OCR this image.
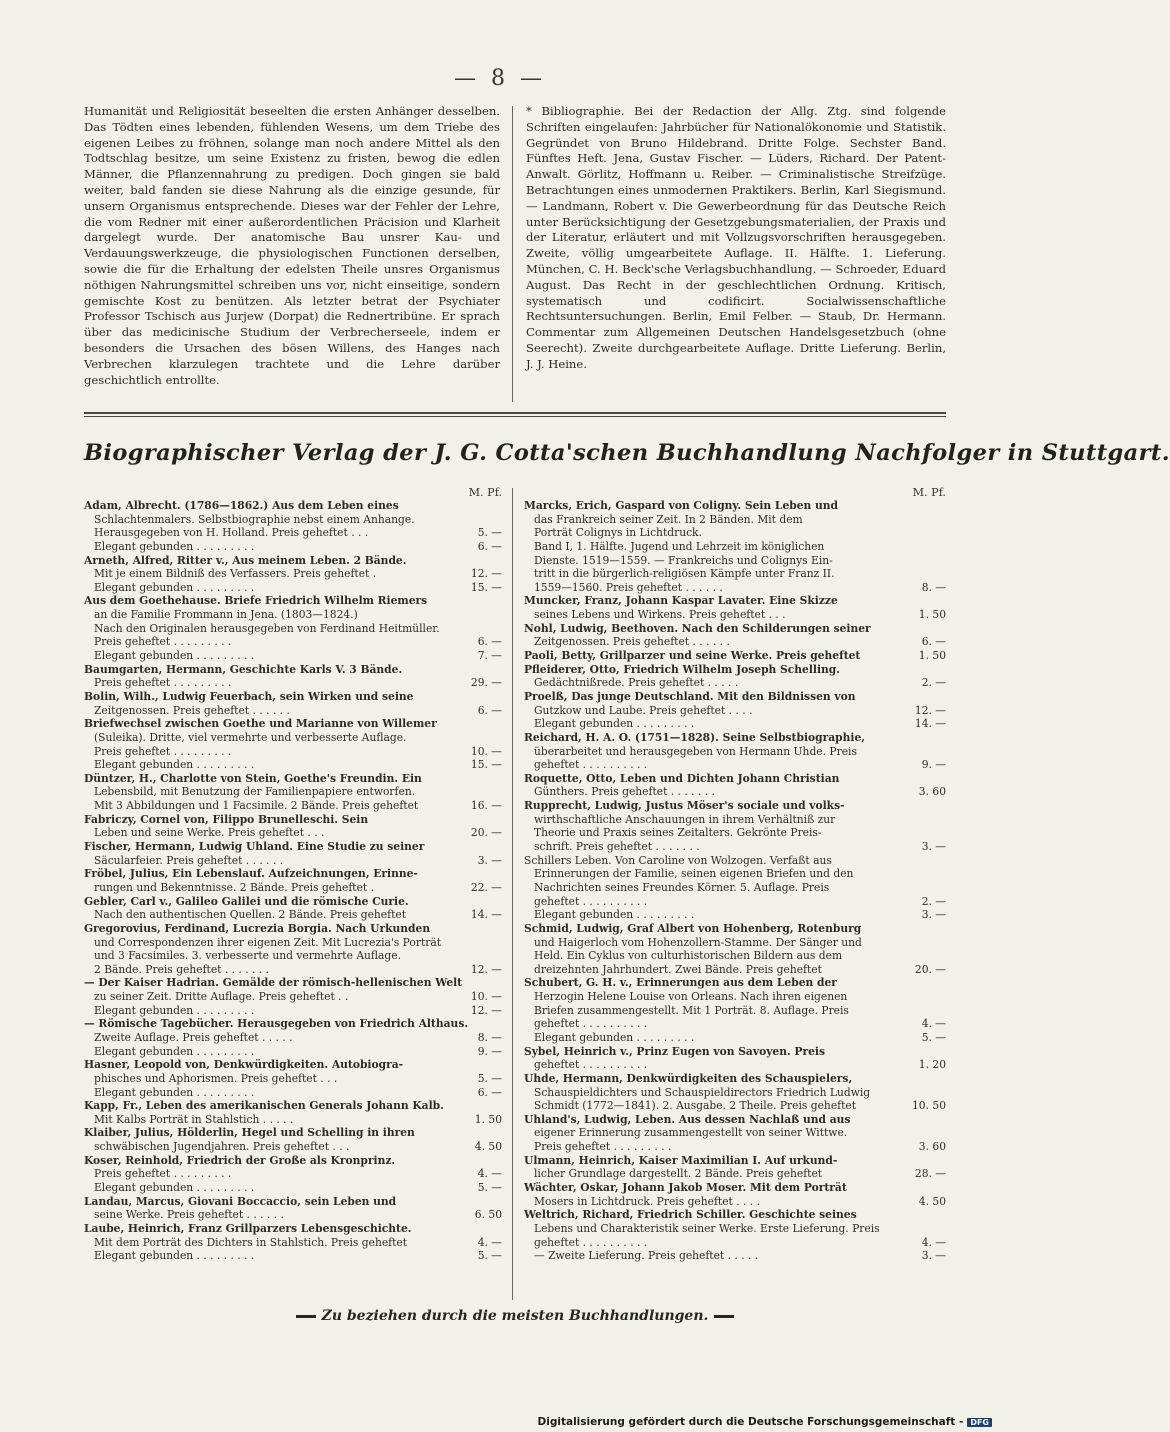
— 8 —
Humanität und Religiosität beseelten die ersten Anhänger desselben. Das Tödten eines lebenden, fühlenden Wesens, um dem Triebe des eigenen Leibes zu fröhnen, solange man noch andere Mittel als den Todtschlag besitze, um seine Existenz zu fristen, bewog die edlen Männer, die Pflanzennahrung zu predigen. Doch gingen sie bald weiter, bald fanden sie diese Nahrung als die einzige gesunde, für unsern Organismus entsprechende. Dieses war der Fehler der Lehre, die vom Redner mit einer außerordentlichen Präcision und Klarheit dargelegt wurde. Der anatomische Bau unsrer Kau- und Verdauungswerkzeuge, die physiologischen Functionen derselben, sowie die für die Erhaltung der edelsten Theile unsres Organismus nöthigen Nahrungsmittel schreiben uns vor, nicht einseitige, sondern gemischte Kost zu benützen. Als letzter betrat der Psychiater Professor Tschisch aus Jurjew (Dorpat) die Rednertribüne. Er sprach über das medicinische Studium der Verbrecherseele, indem er besonders die Ursachen des bösen Willens, des Hanges nach Verbrechen klarzulegen trachtete und die Lehre darüber geschichtlich entrollte.
* Bibliographie. Bei der Redaction der Allg. Ztg. sind folgende Schriften eingelaufen: Jahrbücher für Nationalökonomie und Statistik. Gegründet von Bruno Hildebrand. Dritte Folge. Sechster Band. Fünftes Heft. Jena, Gustav Fischer. — Lüders, Richard. Der Patent-Anwalt. Görlitz, Hoffmann u. Reiber. — Criminalistische Streifzüge. Betrachtungen eines unmodernen Praktikers. Berlin, Karl Siegismund. — Landmann, Robert v. Die Gewerbeordnung für das Deutsche Reich unter Berücksichtigung der Gesetzgebungsmaterialien, der Praxis und der Literatur, erläutert und mit Vollzugsvorschriften herausgegeben. Zweite, völlig umgearbeitete Auflage. II. Hälfte. 1. Lieferung. München, C. H. Beck'sche Verlagsbuchhandlung. — Schroeder, Eduard August. Das Recht in der geschlechtlichen Ordnung. Kritisch, systematisch und codificirt. Socialwissenschaftliche Rechtsuntersuchungen. Berlin, Emil Felber. — Staub, Dr. Hermann. Commentar zum Allgemeinen Deutschen Handelsgesetzbuch (ohne Seerecht). Zweite durchgearbeitete Auflage. Dritte Lieferung. Berlin, J. J. Heine.
Biographischer Verlag der J. G. Cotta'schen Buchhandlung Nachfolger in Stuttgart.
M. Pf.
Adam, Albrecht. (1786—1862.) Aus dem Leben eines
Schlachtenmalers. Selbstbiographie nebst einem Anhange.
Herausgegeben von H. Holland. Preis geheftet . . .	5. —
Elegant gebunden . . . . . . . . .	6. —
Arneth, Alfred, Ritter v., Aus meinem Leben. 2 Bände.
Mit je einem Bildniß des Verfassers. Preis geheftet .	12. —
Elegant gebunden . . . . . . . . .	15. —
Aus dem Goethehause. Briefe Friedrich Wilhelm Riemers
an die Familie Frommann in Jena. (1803—1824.)
Nach den Originalen herausgegeben von Ferdinand Heitmüller.
Preis geheftet . . . . . . . . .	6. —
Elegant gebunden . . . . . . . . .	7. —
Baumgarten, Hermann, Geschichte Karls V. 3 Bände.
Preis geheftet . . . . . . . . .	29. —
Bolin, Wilh., Ludwig Feuerbach, sein Wirken und seine
Zeitgenossen. Preis geheftet . . . . . .	6. —
Briefwechsel zwischen Goethe und Marianne von Willemer
(Suleika). Dritte, viel vermehrte und verbesserte Auflage.
Preis geheftet . . . . . . . . .	10. —
Elegant gebunden . . . . . . . . .	15. —
Düntzer, H., Charlotte von Stein, Goethe's Freundin. Ein
Lebensbild, mit Benutzung der Familienpapiere entworfen.
Mit 3 Abbildungen und 1 Facsimile. 2 Bände. Preis geheftet	16. —
Fabriczy, Cornel von, Filippo Brunelleschi. Sein
Leben und seine Werke. Preis geheftet . . .	20. —
Fischer, Hermann, Ludwig Uhland. Eine Studie zu seiner
Säcularfeier. Preis geheftet . . . . . .	3. —
Fröbel, Julius, Ein Lebenslauf. Aufzeichnungen, Erinne-
rungen und Bekenntnisse. 2 Bände. Preis geheftet .	22. —
Gebler, Carl v., Galileo Galilei und die römische Curie.
Nach den authentischen Quellen. 2 Bände. Preis geheftet	14. —
Gregorovius, Ferdinand, Lucrezia Borgia. Nach Urkunden
und Correspondenzen ihrer eigenen Zeit. Mit Lucrezia's Porträt
und 3 Facsimiles. 3. verbesserte und vermehrte Auflage.
2 Bände. Preis geheftet . . . . . . .	12. —
— Der Kaiser Hadrian. Gemälde der römisch-hellenischen Welt
zu seiner Zeit. Dritte Auflage. Preis geheftet . .	10. —
Elegant gebunden . . . . . . . . .	12. —
— Römische Tagebücher. Herausgegeben von Friedrich Althaus.
Zweite Auflage. Preis geheftet . . . . .	8. —
Elegant gebunden . . . . . . . . .	9. —
Hasner, Leopold von, Denkwürdigkeiten. Autobiogra-
phisches und Aphorismen. Preis geheftet . . .	5. —
Elegant gebunden . . . . . . . . .	6. —
Kapp, Fr., Leben des amerikanischen Generals Johann Kalb.
Mit Kalbs Porträt in Stahlstich . . . . .	1. 50
Klaiber, Julius, Hölderlin, Hegel und Schelling in ihren
schwäbischen Jugendjahren. Preis geheftet . . .	4. 50
Koser, Reinhold, Friedrich der Große als Kronprinz.
Preis geheftet . . . . . . . . .	4. —
Elegant gebunden . . . . . . . . .	5. —
Landau, Marcus, Giovani Boccaccio, sein Leben und
seine Werke. Preis geheftet . . . . . .	6. 50
Laube, Heinrich, Franz Grillparzers Lebensgeschichte.
Mit dem Porträt des Dichters in Stahlstich. Preis geheftet	4. —
Elegant gebunden . . . . . . . . .	5. —
M. Pf.
Marcks, Erich, Gaspard von Coligny. Sein Leben und
das Frankreich seiner Zeit. In 2 Bänden. Mit dem
Porträt Colignys in Lichtdruck.
Band I, 1. Hälfte. Jugend und Lehrzeit im königlichen
Dienste. 1519—1559. — Frankreichs und Colignys Ein-
tritt in die bürgerlich-religiösen Kämpfe unter Franz II.
1559—1560. Preis geheftet . . . . . .	8. —
Muncker, Franz, Johann Kaspar Lavater. Eine Skizze
seines Lebens und Wirkens. Preis geheftet . . .	1. 50
Nohl, Ludwig, Beethoven. Nach den Schilderungen seiner
Zeitgenossen. Preis geheftet . . . . . .	6. —
Paoli, Betty, Grillparzer und seine Werke. Preis geheftet	1. 50
Pfleiderer, Otto, Friedrich Wilhelm Joseph Schelling.
Gedächtnißrede. Preis geheftet . . . . .	2. —
Proelß, Das junge Deutschland. Mit den Bildnissen von
Gutzkow und Laube. Preis geheftet . . . .	12. —
Elegant gebunden . . . . . . . . .	14. —
Reichard, H. A. O. (1751—1828). Seine Selbstbiographie,
überarbeitet und herausgegeben von Hermann Uhde. Preis
geheftet . . . . . . . . . .	9. —
Roquette, Otto, Leben und Dichten Johann Christian
Günthers. Preis geheftet . . . . . . .	3. 60
Rupprecht, Ludwig, Justus Möser's sociale und volks-
wirthschaftliche Anschauungen in ihrem Verhältniß zur
Theorie und Praxis seines Zeitalters. Gekrönte Preis-
schrift. Preis geheftet . . . . . . .	3. —
Schillers Leben. Von Caroline von Wolzogen. Verfaßt aus
Erinnerungen der Familie, seinen eigenen Briefen und den
Nachrichten seines Freundes Körner. 5. Auflage. Preis
geheftet . . . . . . . . . .	2. —
Elegant gebunden . . . . . . . . .	3. —
Schmid, Ludwig, Graf Albert von Hohenberg, Rotenburg
und Haigerloch vom Hohenzollern-Stamme. Der Sänger und
Held. Ein Cyklus von culturhistorischen Bildern aus dem
dreizehnten Jahrhundert. Zwei Bände. Preis geheftet	20. —
Schubert, G. H. v., Erinnerungen aus dem Leben der
Herzogin Helene Louise von Orleans. Nach ihren eigenen
Briefen zusammengestellt. Mit 1 Porträt. 8. Auflage. Preis
geheftet . . . . . . . . . .	4. —
Elegant gebunden . . . . . . . . .	5. —
Sybel, Heinrich v., Prinz Eugen von Savoyen. Preis
geheftet . . . . . . . . . .	1. 20
Uhde, Hermann, Denkwürdigkeiten des Schauspielers,
Schauspieldichters und Schauspieldirectors Friedrich Ludwig
Schmidt (1772—1841). 2. Ausgabe. 2 Theile. Preis geheftet	10. 50
Uhland's, Ludwig, Leben. Aus dessen Nachlaß und aus
eigener Erinnerung zusammengestellt von seiner Wittwe.
Preis geheftet . . . . . . . . .	3. 60
Ulmann, Heinrich, Kaiser Maximilian I. Auf urkund-
licher Grundlage dargestellt. 2 Bände. Preis geheftet	28. —
Wächter, Oskar, Johann Jakob Moser. Mit dem Porträt
Mosers in Lichtdruck. Preis geheftet . . . .	4. 50
Weltrich, Richard, Friedrich Schiller. Geschichte seines
Lebens und Charakteristik seiner Werke. Erste Lieferung. Preis
geheftet . . . . . . . . . .	4. —
— Zweite Lieferung. Preis geheftet . . . . .	3. —
Zu beziehen durch die meisten Buchhandlungen.
Digitalisierung gefördert durch die Deutsche Forschungsgemeinschaft - DFG
